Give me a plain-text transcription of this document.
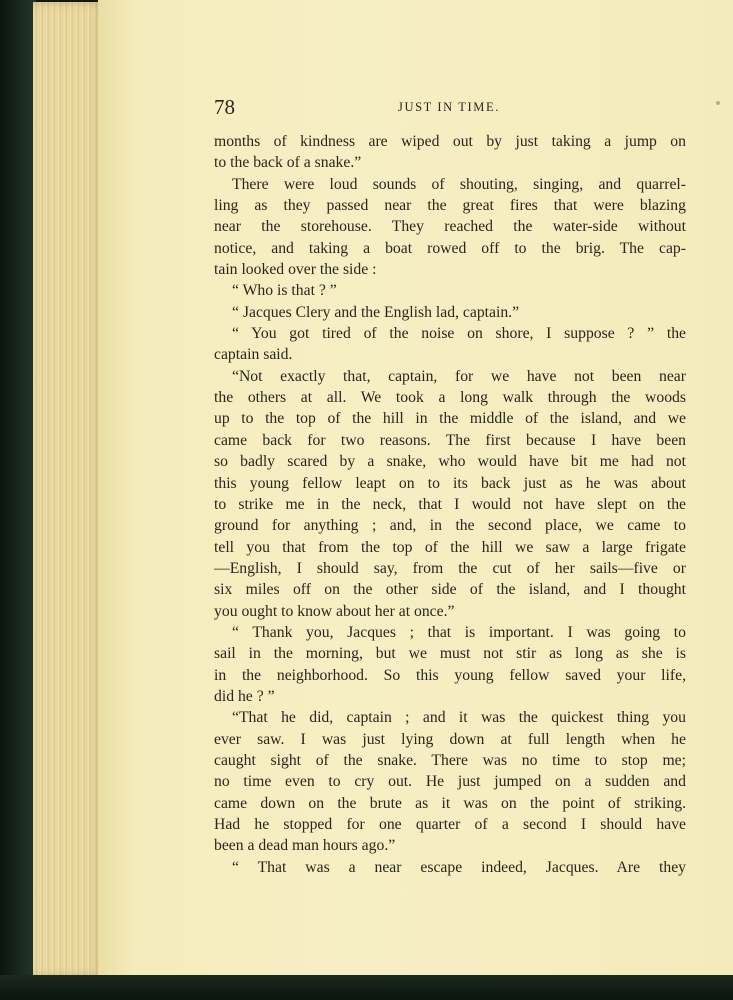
78	JUST IN TIME.
months of kindness are wiped out by just taking a jump on
to the back of a snake.”
There were loud sounds of shouting, singing, and quarrel-
ling as they passed near the great fires that were blazing
near the storehouse. They reached the water-side without
notice, and taking a boat rowed off to the brig. The cap-
tain looked over the side :
“ Who is that ? ”
“ Jacques Clery and the English lad, captain.”
“ You got tired of the noise on shore, I suppose ? ” the
captain said.
“Not exactly that, captain, for we have not been near
the others at all. We took a long walk through the woods
up to the top of the hill in the middle of the island, and we
came back for two reasons. The first because I have been
so badly scared by a snake, who would have bit me had not
this young fellow leapt on to its back just as he was about
to strike me in the neck, that I would not have slept on the
ground for anything ; and, in the second place, we came to
tell you that from the top of the hill we saw a large frigate
—English, I should say, from the cut of her sails—five or
six miles off on the other side of the island, and I thought
you ought to know about her at once.”
“ Thank you, Jacques ; that is important. I was going to
sail in the morning, but we must not stir as long as she is
in the neighborhood. So this young fellow saved your life,
did he ? ”
“That he did, captain ; and it was the quickest thing you
ever saw. I was just lying down at full length when he
caught sight of the snake. There was no time to stop me;
no time even to cry out. He just jumped on a sudden and
came down on the brute as it was on the point of striking.
Had he stopped for one quarter of a second I should have
been a dead man hours ago.”
“ That was a near escape indeed, Jacques. Are they
